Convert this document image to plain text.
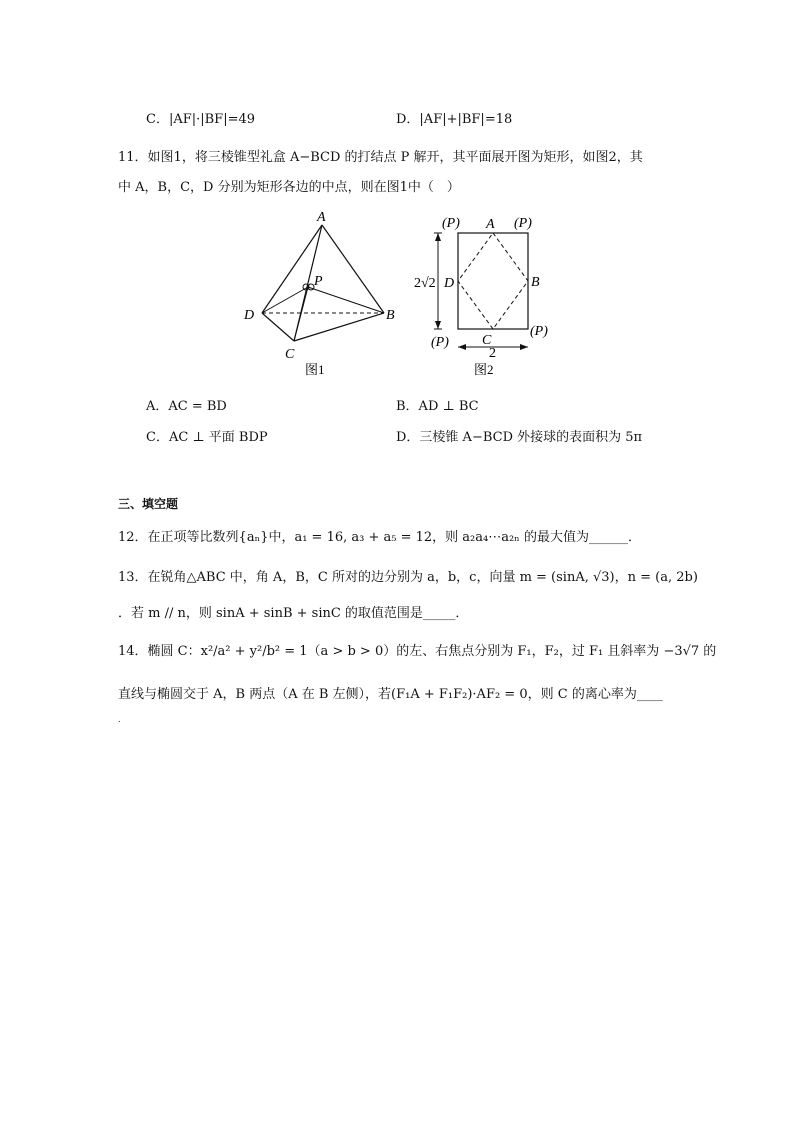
C．|AF|·|BF|=49	D．|AF|+|BF|=18
11．如图1，将三棱锥型礼盒 A−BCD 的打结点 P 解开，其平面展开图为矩形，如图2，其
中 A，B，C，D 分别为矩形各边的中点，则在图1中（　）
A
P
D	B
C
图1
(P)	(P)
(P)
(P)
A
B
D
C
2√2
2
图2
A．AC = BD	B．AD ⊥ BC
C．AC ⊥ 平面 BDP	D．三棱锥 A−BCD 外接球的表面积为 5π
三、填空题
12．在正项等比数列{aₙ}中，a₁ = 16, a₃ + a₅ = 12，则 a₂a₄⋯a₂ₙ 的最大值为______．
13．在锐角△ABC 中，角 A，B，C 所对的边分别为 a，b，c，向量 m = (sinA, √3)，n = (a, 2b)
．若 m // n，则 sinA + sinB + sinC 的取值范围是_____．
14．椭圆 C：x²/a² + y²/b² = 1（a > b > 0）的左、右焦点分别为 F₁，F₂，过 F₁ 且斜率为 −3√7 的
直线与椭圆交于 A，B 两点（A 在 B 左侧），若(F₁A + F₁F₂)·AF₂ = 0，则 C 的离心率为____
.
